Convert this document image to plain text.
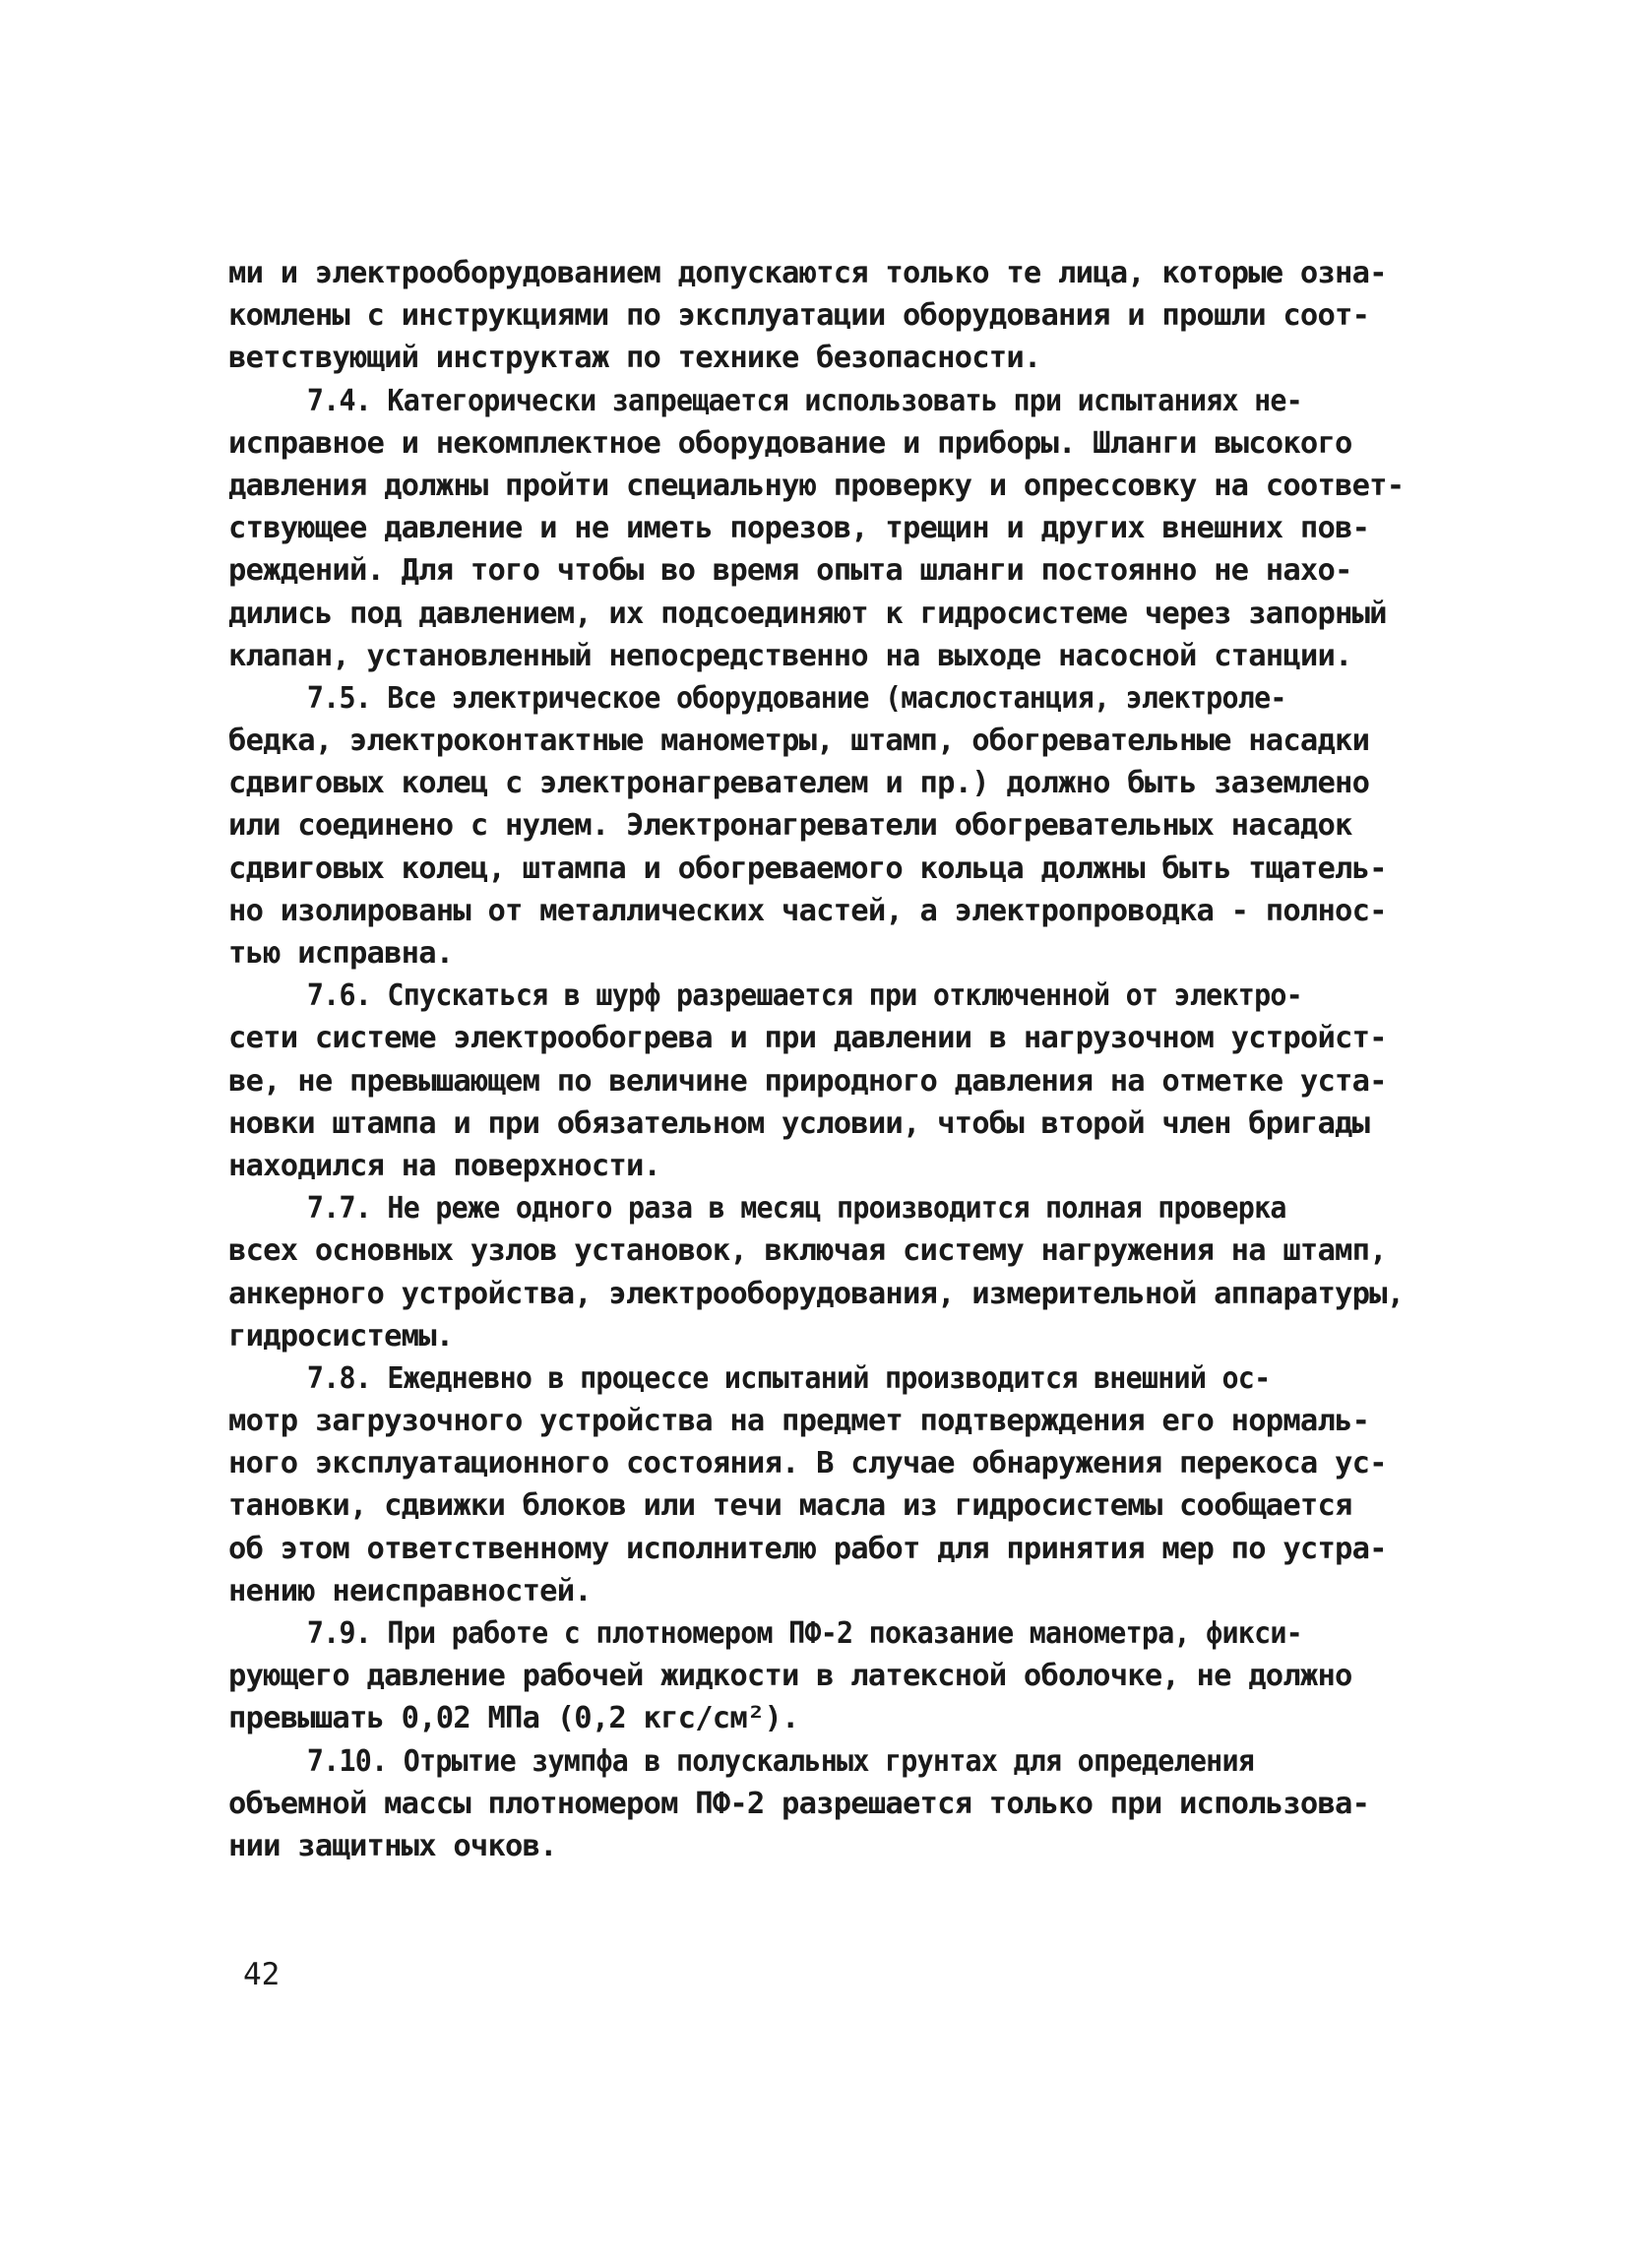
ми и электрооборудованием допускаются только те лица, которые озна-
комлены с инструкциями по эксплуатации оборудования и прошли соот-
ветствующий инструктаж по технике безопасности.
7.4. Категорически запрещается использовать при испытаниях не-
исправное и некомплектное оборудование и приборы. Шланги высокого
давления должны пройти специальную проверку и опрессовку на соответ-
ствующее давление и не иметь порезов, трещин и других внешних пов-
реждений. Для того чтобы во время опыта шланги постоянно не нахо-
дились под давлением, их подсоединяют к гидросистеме через запорный
клапан, установленный непосредственно на выходе насосной станции.
7.5. Все электрическое оборудование (маслостанция, электроле-
бедка, электроконтактные манометры, штамп, обогревательные насадки
сдвиговых колец с электронагревателем и пр.) должно быть заземлено
или соединено с нулем. Электронагреватели обогревательных насадок
сдвиговых колец, штампа и обогреваемого кольца должны быть тщатель-
но изолированы от металлических частей, а электропроводка - полнос-
тью исправна.
7.6. Спускаться в шурф разрешается при отключенной от электро-
сети системе электрообогрева и при давлении в нагрузочном устройст-
ве, не превышающем по величине природного давления на отметке уста-
новки штампа и при обязательном условии, чтобы второй член бригады
находился на поверхности.
7.7. Не реже одного раза в месяц производится полная проверка
всех основных узлов установок, включая систему нагружения на штамп,
анкерного устройства, электрооборудования, измерительной аппаратуры,
гидросистемы.
7.8. Ежедневно в процессе испытаний производится внешний ос-
мотр загрузочного устройства на предмет подтверждения его нормаль-
ного эксплуатационного состояния. В случае обнаружения перекоса ус-
тановки, сдвижки блоков или течи масла из гидросистемы сообщается
об этом ответственному исполнителю работ для принятия мер по устра-
нению неисправностей.
7.9. При работе с плотномером ПФ-2 показание манометра, фикси-
рующего давление рабочей жидкости в латексной оболочке, не должно
превышать 0,02 МПа (0,2 кгс/см²).
7.10. Отрытие зумпфа в полускальных грунтах для определения
объемной массы плотномером ПФ-2 разрешается только при использова-
нии защитных очков.
42
